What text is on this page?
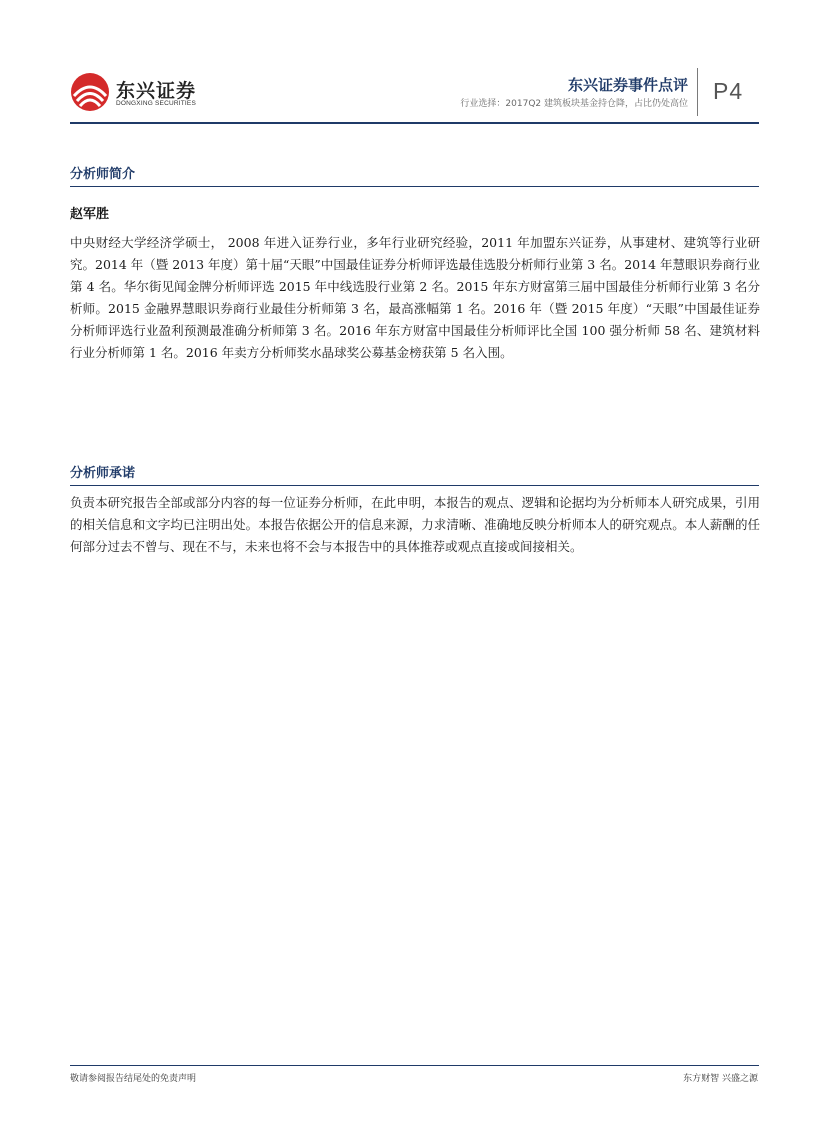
东兴证券
DONGXING SECURITIES
东兴证券事件点评
行业选择：2017Q2 建筑板块基金持仓降，占比仍处高位 P4
分析师简介
赵军胜

中央财经大学经济学硕士， 2008 年进入证券行业，多年行业研究经验，2011 年加盟东兴证券，从事建材、建筑等行业研究。2014 年（暨 2013 年度）第十届“天眼”中国最佳证券分析师评选最佳选股分析师行业第 3 名。2014 年慧眼识券商行业第 4 名。华尔街见闻金牌分析师评选 2015 年中线选股行业第 2 名。2015 年东方财富第三届中国最佳分析师行业第 3 名分析师。2015 金融界慧眼识券商行业最佳分析师第 3 名，最高涨幅第 1 名。2016 年（暨 2015 年度）“天眼”中国最佳证券分析师评选行业盈利预测最准确分析师第 3 名。2016 年东方财富中国最佳分析师评比全国 100 强分析师 58 名、建筑材料行业分析师第 1 名。2016 年卖方分析师奖水晶球奖公募基金榜获第 5 名入围。

分析师承诺

负责本研究报告全部或部分内容的每一位证券分析师，在此申明，本报告的观点、逻辑和论据均为分析师本人研究成果，引用的相关信息和文字均已注明出处。本报告依据公开的信息来源，力求清晰、准确地反映分析师本人的研究观点。本人薪酬的任何部分过去不曾与、现在不与，未来也将不会与本报告中的具体推荐或观点直接或间接相关。

敬请参阅报告结尾处的免责声明	东方财智 兴盛之源
